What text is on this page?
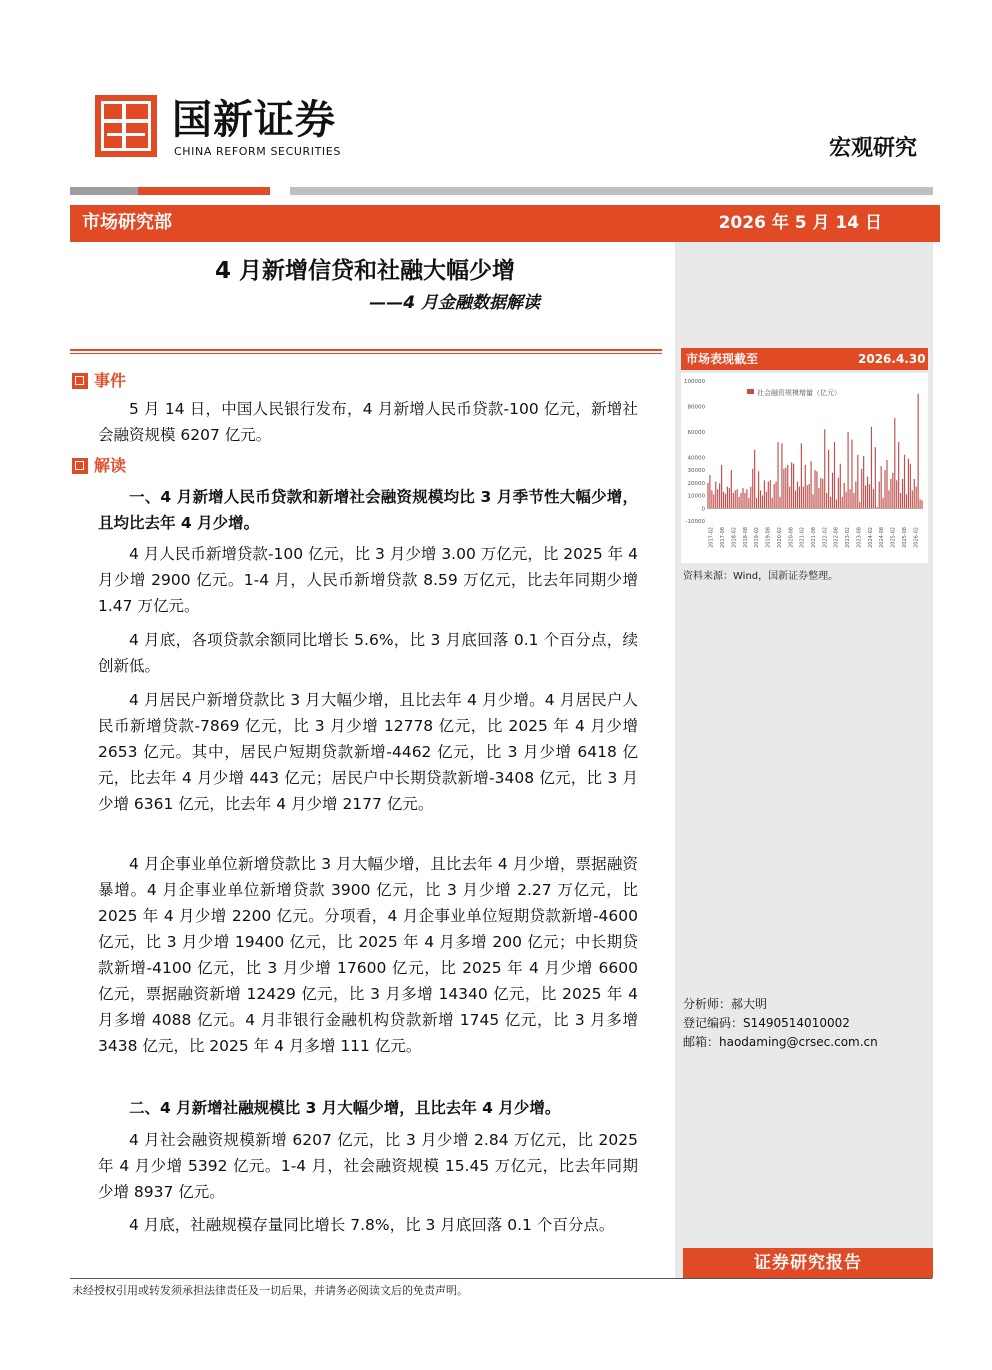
国新证券
CHINA REFORM SECURITIES	宏观研究
市场研究部	2026 年 5 月 14 日
市场表现截至	2026.4.30
100000
80000
60000
40000
30000
20000
10000
0
-10000
2017-02 2017-08 2018-02 2018-08 2019-02 2019-08 2020-02 2020-08 2021-02 2021-08 2022-02 2022-08 2023-02 2023-08 2024-02 2024-08 2025-02 2025-08 2026-02
社会融资规模增量（亿元）
资料来源：Wind，国新证券整理。
分析师：郝大明
登记编码：S1490514010002
邮箱：haodaming@crsec.com.cn
证券研究报告
4 月新增信贷和社融大幅少增
——4 月金融数据解读
事件
5 月 14 日，中国人民银行发布，4 月新增人民币贷款-100 亿元，新增社会融资规模 6207 亿元。
解读
一、4 月新增人民币贷款和新增社会融资规模均比 3 月季节性大幅少增，且均比去年 4 月少增。
4 月人民币新增贷款-100 亿元，比 3 月少增 3.00 万亿元，比 2025 年 4 月少增 2900 亿元。1-4 月，人民币新增贷款 8.59 万亿元，比去年同期少增 1.47 万亿元。
4 月底，各项贷款余额同比增长 5.6%，比 3 月底回落 0.1 个百分点，续创新低。
4 月居民户新增贷款比 3 月大幅少增，且比去年 4 月少增。4 月居民户人民币新增贷款-7869 亿元，比 3 月少增 12778 亿元，比 2025 年 4 月少增 2653 亿元。其中，居民户短期贷款新增-4462 亿元，比 3 月少增 6418 亿元，比去年 4 月少增 443 亿元；居民户中长期贷款新增-3408 亿元，比 3 月少增 6361 亿元，比去年 4 月少增 2177 亿元。
4 月企事业单位新增贷款比 3 月大幅少增，且比去年 4 月少增，票据融资暴增。4 月企事业单位新增贷款 3900 亿元，比 3 月少增 2.27 万亿元，比 2025 年 4 月少增 2200 亿元。分项看，4 月企事业单位短期贷款新增-4600 亿元，比 3 月少增 19400 亿元，比 2025 年 4 月多增 200 亿元；中长期贷款新增-4100 亿元，比 3 月少增 17600 亿元，比 2025 年 4 月少增 6600 亿元，票据融资新增 12429 亿元，比 3 月多增 14340 亿元，比 2025 年 4 月多增 4088 亿元。4 月非银行金融机构贷款新增 1745 亿元，比 3 月多增 3438 亿元，比 2025 年 4 月多增 111 亿元。
二、4 月新增社融规模比 3 月大幅少增，且比去年 4 月少增。
4 月社会融资规模新增 6207 亿元，比 3 月少增 2.84 万亿元，比 2025 年 4 月少增 5392 亿元。1-4 月，社会融资规模 15.45 万亿元，比去年同期少增 8937 亿元。
4 月底，社融规模存量同比增长 7.8%，比 3 月底回落 0.1 个百分点。
未经授权引用或转发须承担法律责任及一切后果，并请务必阅读文后的免责声明。
